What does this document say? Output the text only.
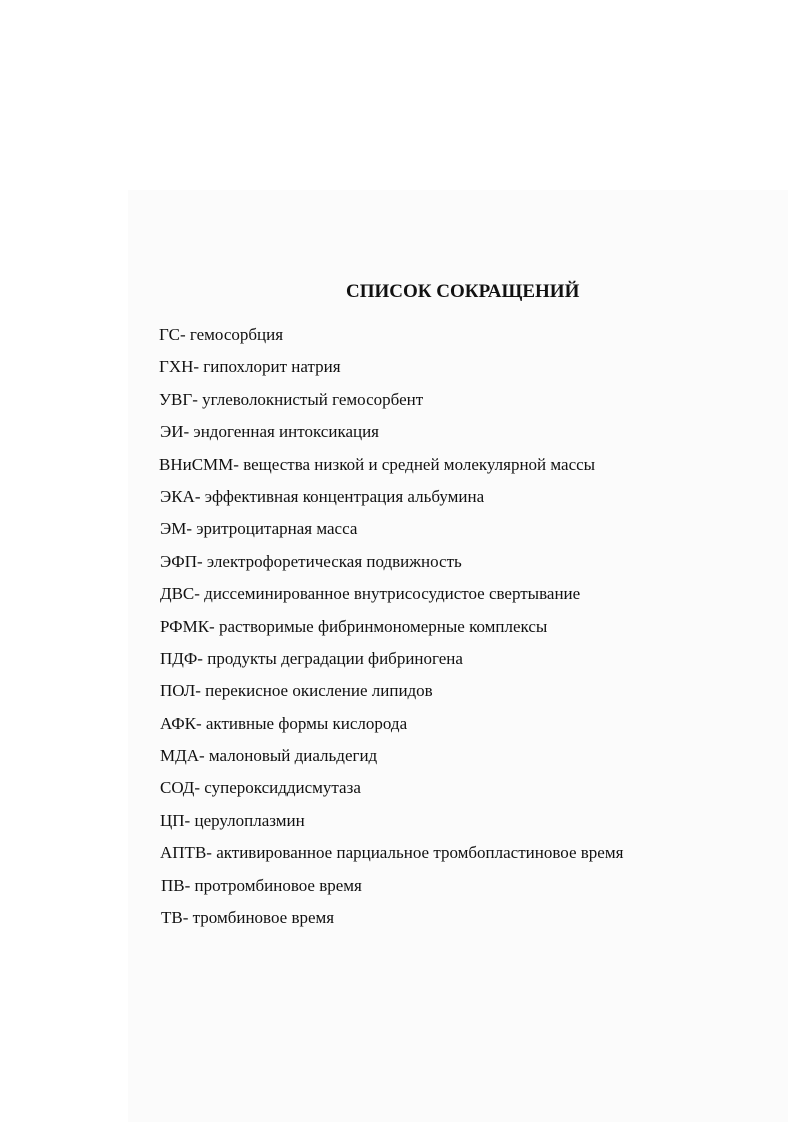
СПИСОК СОКРАЩЕНИЙ
ГС- гемосорбция
ГХН- гипохлорит натрия
УВГ- углеволокнистый гемосорбент
ЭИ- эндогенная интоксикация
ВНиСММ- вещества низкой и средней молекулярной массы
ЭКА- эффективная концентрация альбумина
ЭМ- эритроцитарная масса
ЭФП- электрофоретическая подвижность
ДВС- диссеминированное внутрисосудистое свертывание
РФМК- растворимые фибринмономерные комплексы
ПДФ- продукты деградации фибриногена
ПОЛ- перекисное окисление липидов
АФК- активные формы кислорода
МДА- малоновый диальдегид
СОД- супероксиддисмутаза
ЦП- церулоплазмин
АПТВ- активированное парциальное тромбопластиновое время
ПВ- протромбиновое время
ТВ- тромбиновое время
